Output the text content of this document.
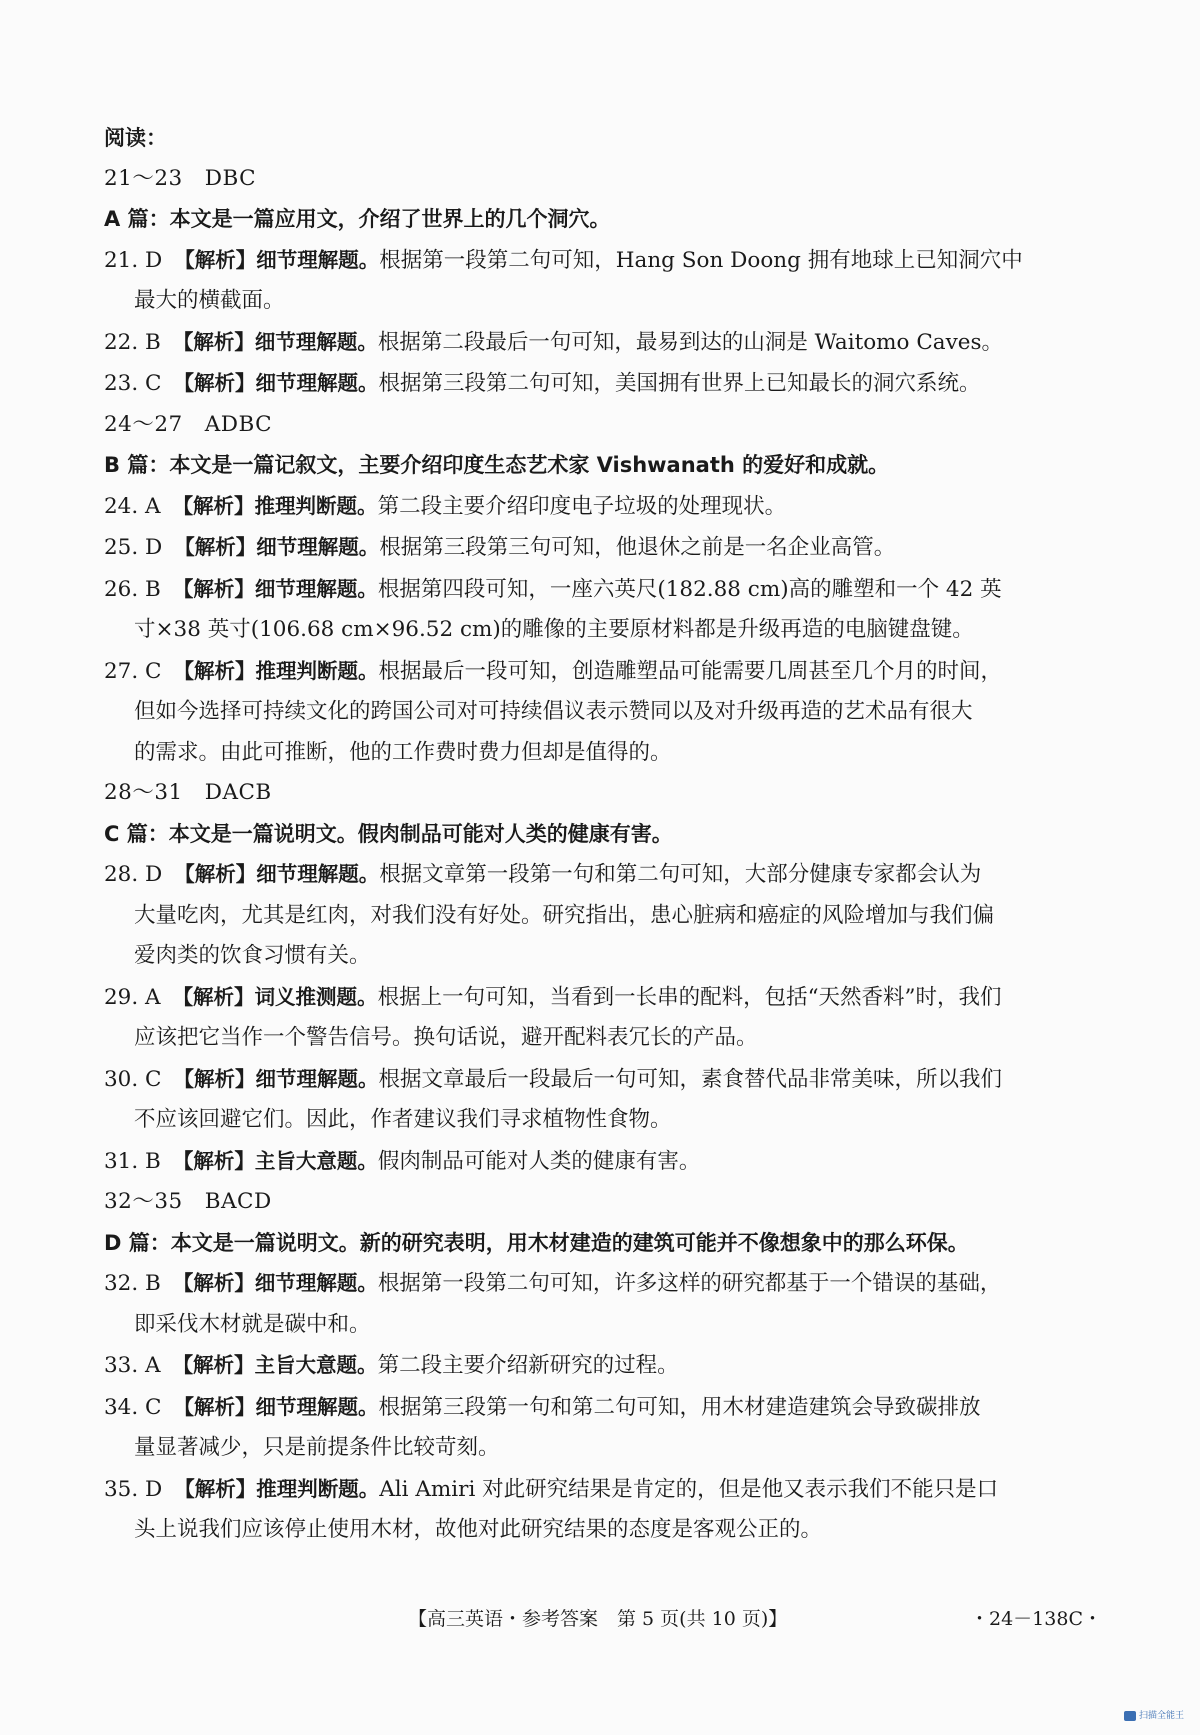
阅读：
21～23 DBC
A 篇：本文是一篇应用文，介绍了世界上的几个洞穴。
21. D 【解析】细节理解题。根据第一段第二句可知，Hang Son Doong 拥有地球上已知洞穴中
最大的横截面。
22. B 【解析】细节理解题。根据第二段最后一句可知，最易到达的山洞是 Waitomo Caves。
23. C 【解析】细节理解题。根据第三段第二句可知，美国拥有世界上已知最长的洞穴系统。
24～27 ADBC
B 篇：本文是一篇记叙文，主要介绍印度生态艺术家 Vishwanath 的爱好和成就。
24. A 【解析】推理判断题。第二段主要介绍印度电子垃圾的处理现状。
25. D 【解析】细节理解题。根据第三段第三句可知，他退休之前是一名企业高管。
26. B 【解析】细节理解题。根据第四段可知，一座六英尺(182.88 cm)高的雕塑和一个 42 英
寸×38 英寸(106.68 cm×96.52 cm)的雕像的主要原材料都是升级再造的电脑键盘键。
27. C 【解析】推理判断题。根据最后一段可知，创造雕塑品可能需要几周甚至几个月的时间，
但如今选择可持续文化的跨国公司对可持续倡议表示赞同以及对升级再造的艺术品有很大
的需求。由此可推断，他的工作费时费力但却是值得的。
28～31 DACB
C 篇：本文是一篇说明文。假肉制品可能对人类的健康有害。
28. D 【解析】细节理解题。根据文章第一段第一句和第二句可知，大部分健康专家都会认为
大量吃肉，尤其是红肉，对我们没有好处。研究指出，患心脏病和癌症的风险增加与我们偏
爱肉类的饮食习惯有关。
29. A 【解析】词义推测题。根据上一句可知，当看到一长串的配料，包括“天然香料”时，我们
应该把它当作一个警告信号。换句话说，避开配料表冗长的产品。
30. C 【解析】细节理解题。根据文章最后一段最后一句可知，素食替代品非常美味，所以我们
不应该回避它们。因此，作者建议我们寻求植物性食物。
31. B 【解析】主旨大意题。假肉制品可能对人类的健康有害。
32～35 BACD
D 篇：本文是一篇说明文。新的研究表明，用木材建造的建筑可能并不像想象中的那么环保。
32. B 【解析】细节理解题。根据第一段第二句可知，许多这样的研究都基于一个错误的基础，
即采伐木材就是碳中和。
33. A 【解析】主旨大意题。第二段主要介绍新研究的过程。
34. C 【解析】细节理解题。根据第三段第一句和第二句可知，用木材建造建筑会导致碳排放
量显著减少，只是前提条件比较苛刻。
35. D 【解析】推理判断题。Ali Amiri 对此研究结果是肯定的，但是他又表示我们不能只是口
头上说我们应该停止使用木材，故他对此研究结果的态度是客观公正的。
【高三英语・参考答案　第 5 页(共 10 页)】	・24－138C・
扫描全能王
